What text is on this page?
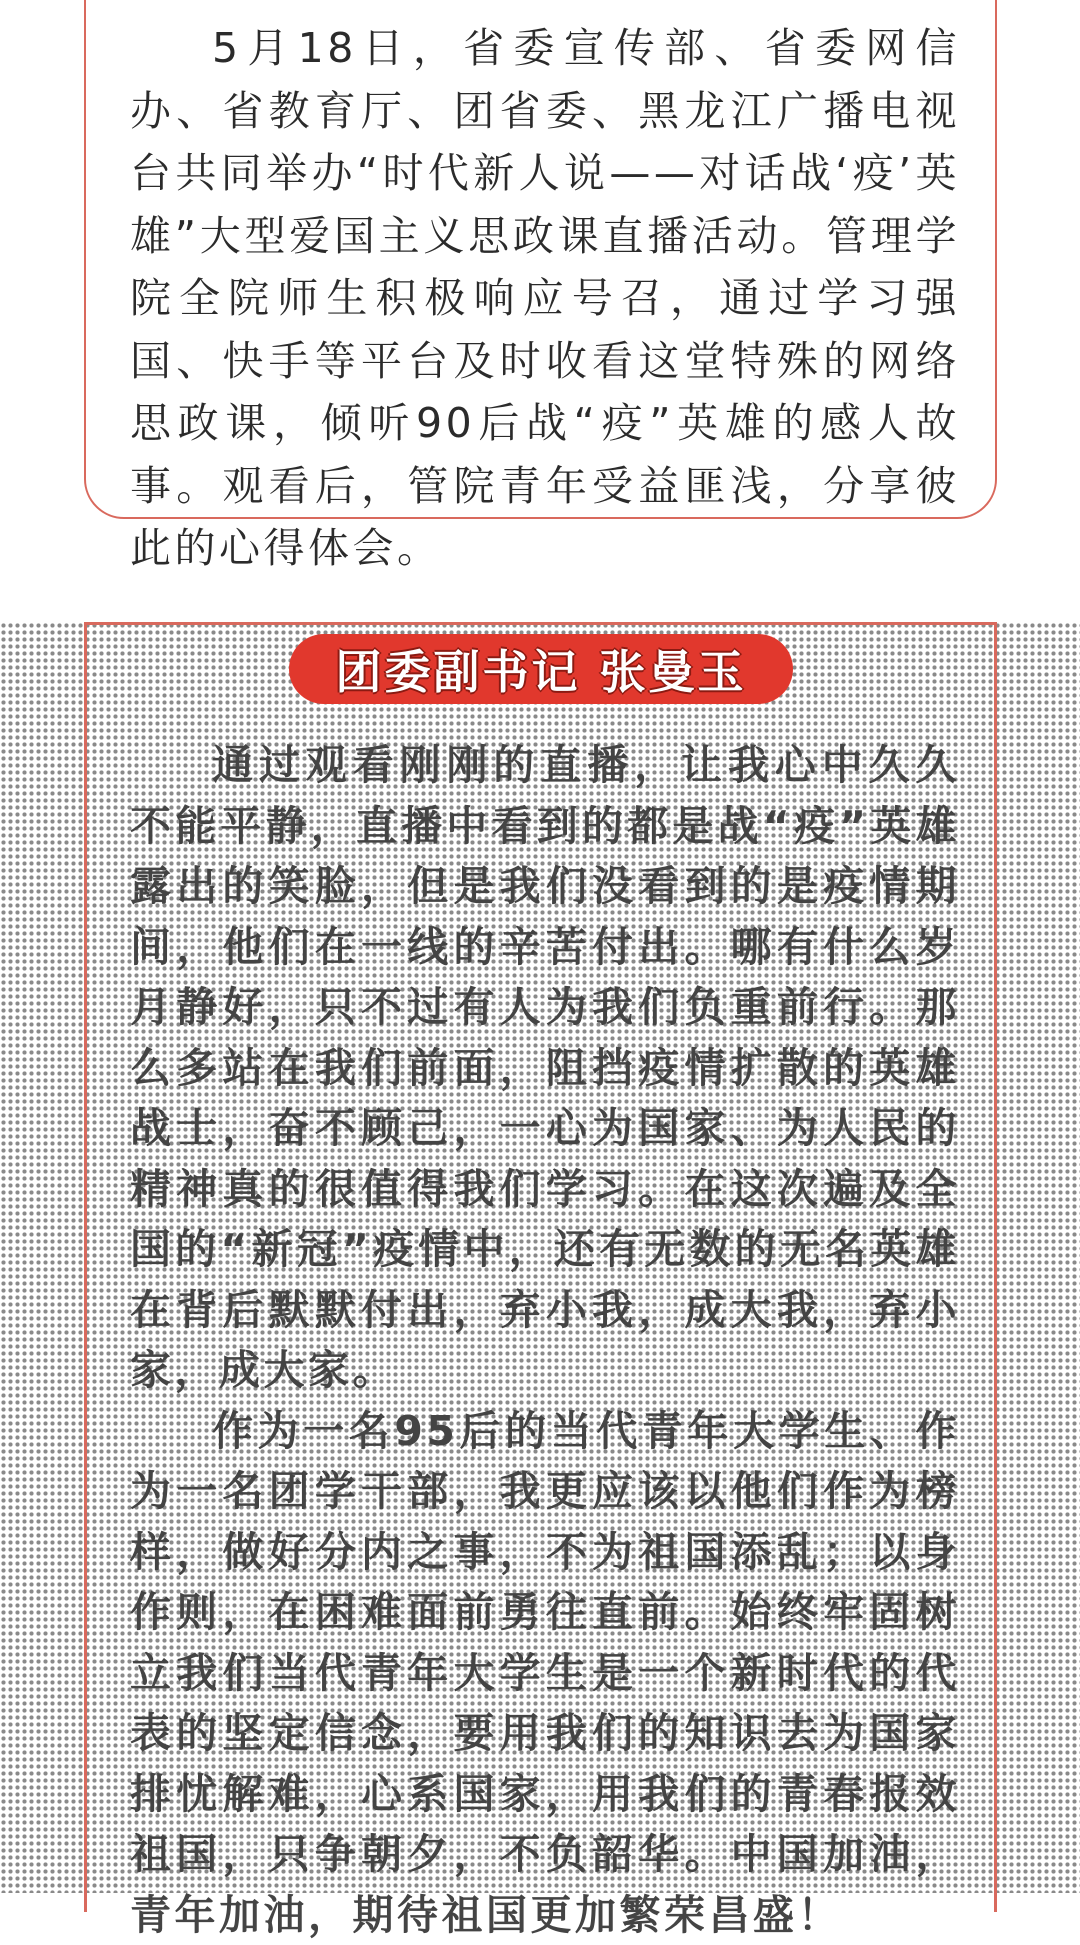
5月18日，省委宣传部、省委网信办、省教育厅、团省委、黑龙江广播电视台共同举办“时代新人说——对话战‘疫’英雄”大型爱国主义思政课直播活动。管理学院全院师生积极响应号召，通过学习强国、快手等平台及时收看这堂特殊的网络思政课，倾听90后战“疫”英雄的感人故事。观看后，管院青年受益匪浅，分享彼此的心得体会。

团委副书记 张曼玉

通过观看刚刚的直播，让我心中久久不能平静，直播中看到的都是战“疫”英雄露出的笑脸，但是我们没看到的是疫情期间，他们在一线的辛苦付出。哪有什么岁月静好，只不过有人为我们负重前行。那么多站在我们前面，阻挡疫情扩散的英雄战士，奋不顾己，一心为国家、为人民的精神真的很值得我们学习。在这次遍及全国的“新冠”疫情中，还有无数的无名英雄在背后默默付出，弃小我，成大我，弃小家，成大家。

作为一名95后的当代青年大学生、作为一名团学干部，我更应该以他们作为榜样，做好分内之事，不为祖国添乱；以身作则，在困难面前勇往直前。始终牢固树立我们当代青年大学生是一个新时代的代表的坚定信念，要用我们的知识去为国家排忧解难，心系国家，用我们的青春报效祖国，只争朝夕，不负韶华。中国加油，青年加油，期待祖国更加繁荣昌盛！
